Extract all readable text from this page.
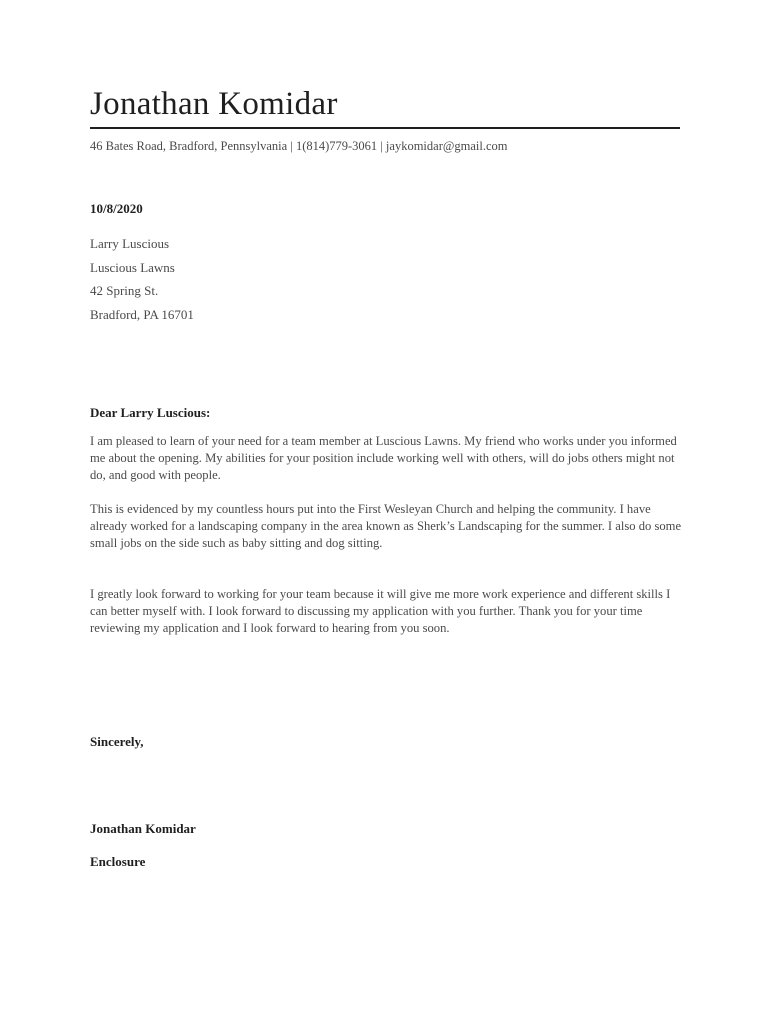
Jonathan Komidar
46 Bates Road, Bradford, Pennsylvania | 1(814)779-3061 | jaykomidar@gmail.com
10/8/2020
Larry Luscious
Luscious Lawns
42 Spring St.
Bradford, PA 16701
Dear Larry Luscious:

I am pleased to learn of your need for a team member at Luscious Lawns. My friend who works under you informed me about the opening. My abilities for your position include working well with others, will do jobs others might not do, and good with people.

This is evidenced by my countless hours put into the First Wesleyan Church and helping the community. I have already worked for a landscaping company in the area known as Sherk’s Landscaping for the summer. I also do some small jobs on the side such as baby sitting and dog sitting.

I greatly look forward to working for your team because it will give me more work experience and different skills I can better myself with. I look forward to discussing my application with you further. Thank you for your time reviewing my application and I look forward to hearing from you soon.

Sincerely,
Jonathan Komidar
Enclosure
